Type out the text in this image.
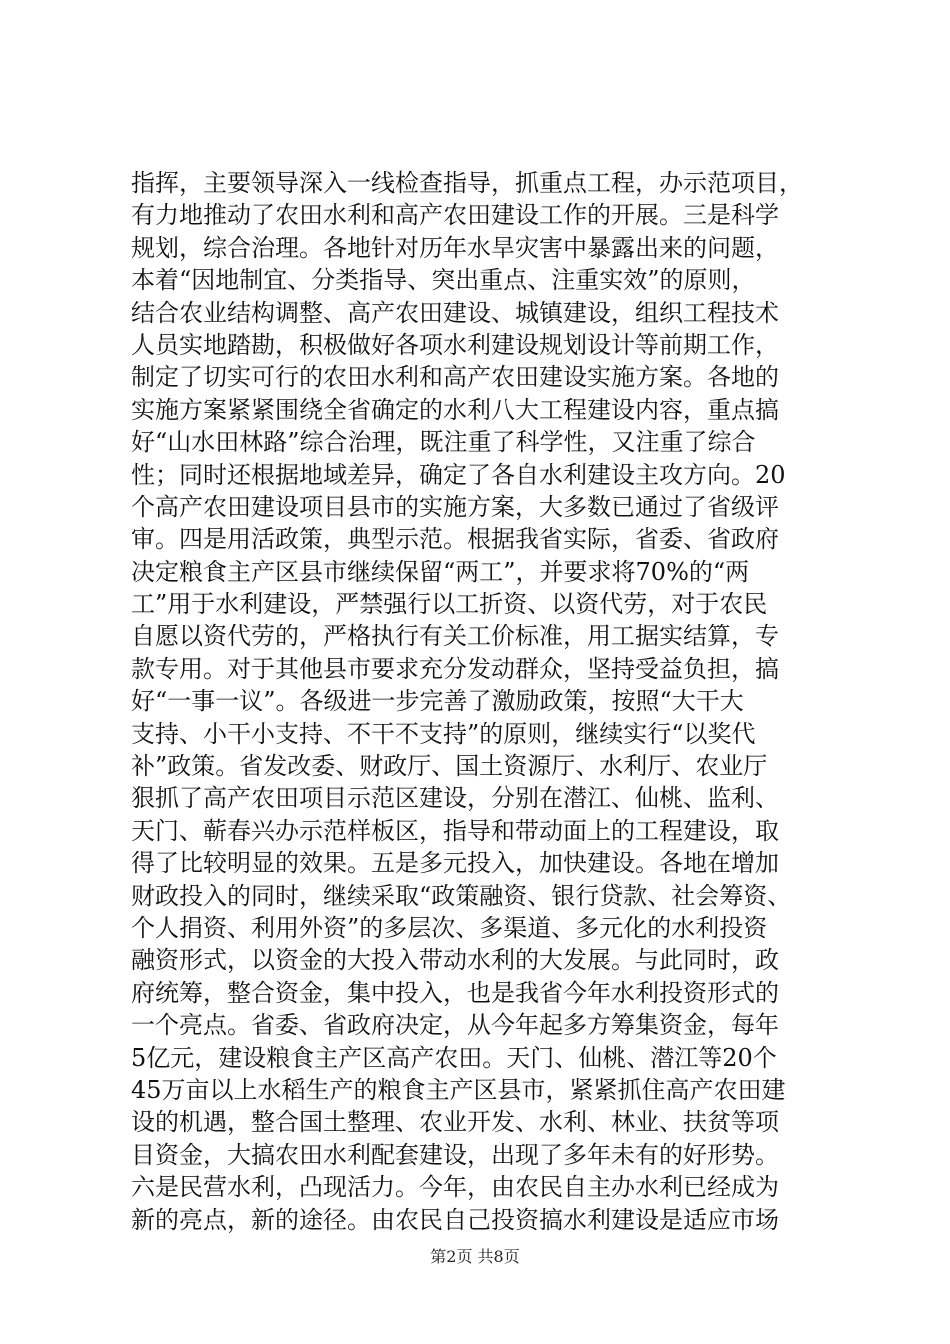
指挥，主要领导深入一线检查指导，抓重点工程，办示范项目，
有力地推动了农田水利和高产农田建设工作的开展。三是科学
规划，综合治理。各地针对历年水旱灾害中暴露出来的问题，
本着“因地制宜、分类指导、突出重点、注重实效”的原则，
结合农业结构调整、高产农田建设、城镇建设，组织工程技术
人员实地踏勘，积极做好各项水利建设规划设计等前期工作，
制定了切实可行的农田水利和高产农田建设实施方案。各地的
实施方案紧紧围绕全省确定的水利八大工程建设内容，重点搞
好“山水田林路”综合治理，既注重了科学性，又注重了综合
性；同时还根据地域差异，确定了各自水利建设主攻方向。20
个高产农田建设项目县市的实施方案，大多数已通过了省级评
审。四是用活政策，典型示范。根据我省实际，省委、省政府
决定粮食主产区县市继续保留“两工”，并要求将70%的“两
工”用于水利建设，严禁强行以工折资、以资代劳，对于农民
自愿以资代劳的，严格执行有关工价标准，用工据实结算，专
款专用。对于其他县市要求充分发动群众，坚持受益负担，搞
好“一事一议”。各级进一步完善了激励政策，按照“大干大
支持、小干小支持、不干不支持”的原则，继续实行“以奖代
补”政策。省发改委、财政厅、国土资源厅、水利厅、农业厅
狠抓了高产农田项目示范区建设，分别在潜江、仙桃、监利、
天门、蕲春兴办示范样板区，指导和带动面上的工程建设，取
得了比较明显的效果。五是多元投入，加快建设。各地在增加
财政投入的同时，继续采取“政策融资、银行贷款、社会筹资、
个人捐资、利用外资”的多层次、多渠道、多元化的水利投资
融资形式，以资金的大投入带动水利的大发展。与此同时，政
府统筹，整合资金，集中投入，也是我省今年水利投资形式的
一个亮点。省委、省政府决定，从今年起多方筹集资金，每年
5亿元，建设粮食主产区高产农田。天门、仙桃、潜江等20个
45万亩以上水稻生产的粮食主产区县市，紧紧抓住高产农田建
设的机遇，整合国土整理、农业开发、水利、林业、扶贫等项
目资金，大搞农田水利配套建设，出现了多年未有的好形势。
六是民营水利，凸现活力。今年，由农民自主办水利已经成为
新的亮点，新的途径。由农民自己投资搞水利建设是适应市场
第2页 共8页
